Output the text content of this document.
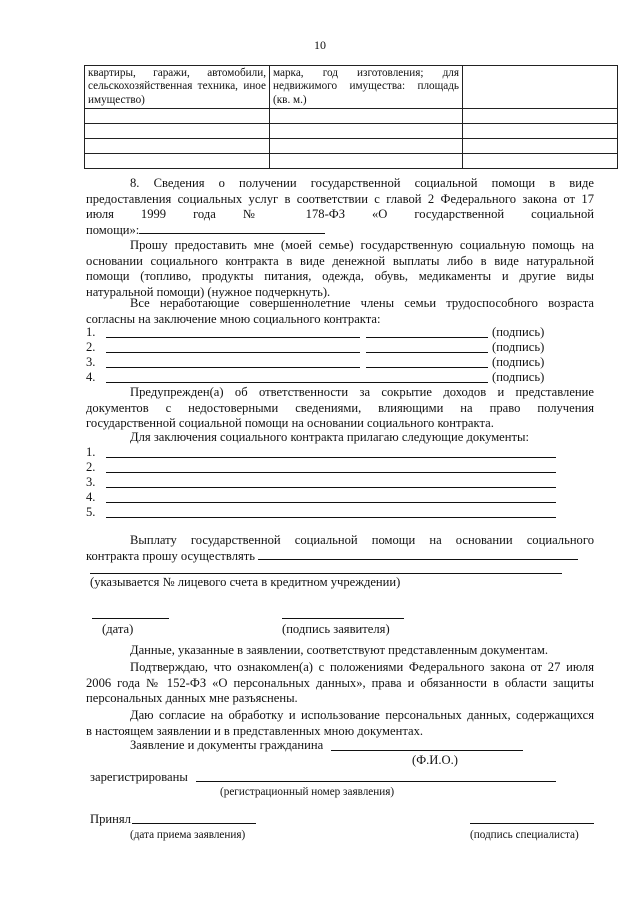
10
квартиры, гаражи, автомобили, сельскохозяйственная техника, иное имущество)	марка, год изготовления; для недвижимого имущества: площадь (кв. м.)	

8. Сведения о получении государственной социальной помощи в виде
предоставления социальных услуг в соответствии с главой 2 Федерального закона от 17
июля 1999 года № 178-ФЗ «О государственной социальной
помощи»:
Прошу предоставить мне (моей семье) государственную социальную помощь на
основании социального контракта в виде денежной выплаты либо в виде натуральной
помощи (топливо, продукты питания, одежда, обувь, медикаменты и другие виды
натуральной помощи) (нужное подчеркнуть).
Все неработающие совершеннолетние члены семьи трудоспособного возраста
согласны на заключение мною социального контракта:
1.	(подпись)
2.	(подпись)
3.	(подпись)
4.	(подпись)
Предупрежден(а) об ответственности за сокрытие доходов и представление
документов с недостоверными сведениями, влияющими на право получения
государственной социальной помощи на основании социального контракта.
Для заключения социального контракта прилагаю следующие документы:
1.
2.
3.
4.
5.
Выплату государственной социальной помощи на основании социального
контракта прошу осуществлять
(указывается № лицевого счета в кредитном учреждении)
(дата)	(подпись заявителя)
Данные, указанные в заявлении, соответствуют представленным документам.
Подтверждаю, что ознакомлен(а) с положениями Федерального закона от 27 июля
2006 года № 152-ФЗ «О персональных данных», права и обязанности в области защиты
персональных данных мне разъяснены.
Даю согласие на обработку и использование персональных данных, содержащихся
в настоящем заявлении и в представленных мною документах.
Заявление и документы гражданина
(Ф.И.О.)
зарегистрированы
(регистрационный номер заявления)
Принял
(дата приема заявления)	(подпись специалиста)
